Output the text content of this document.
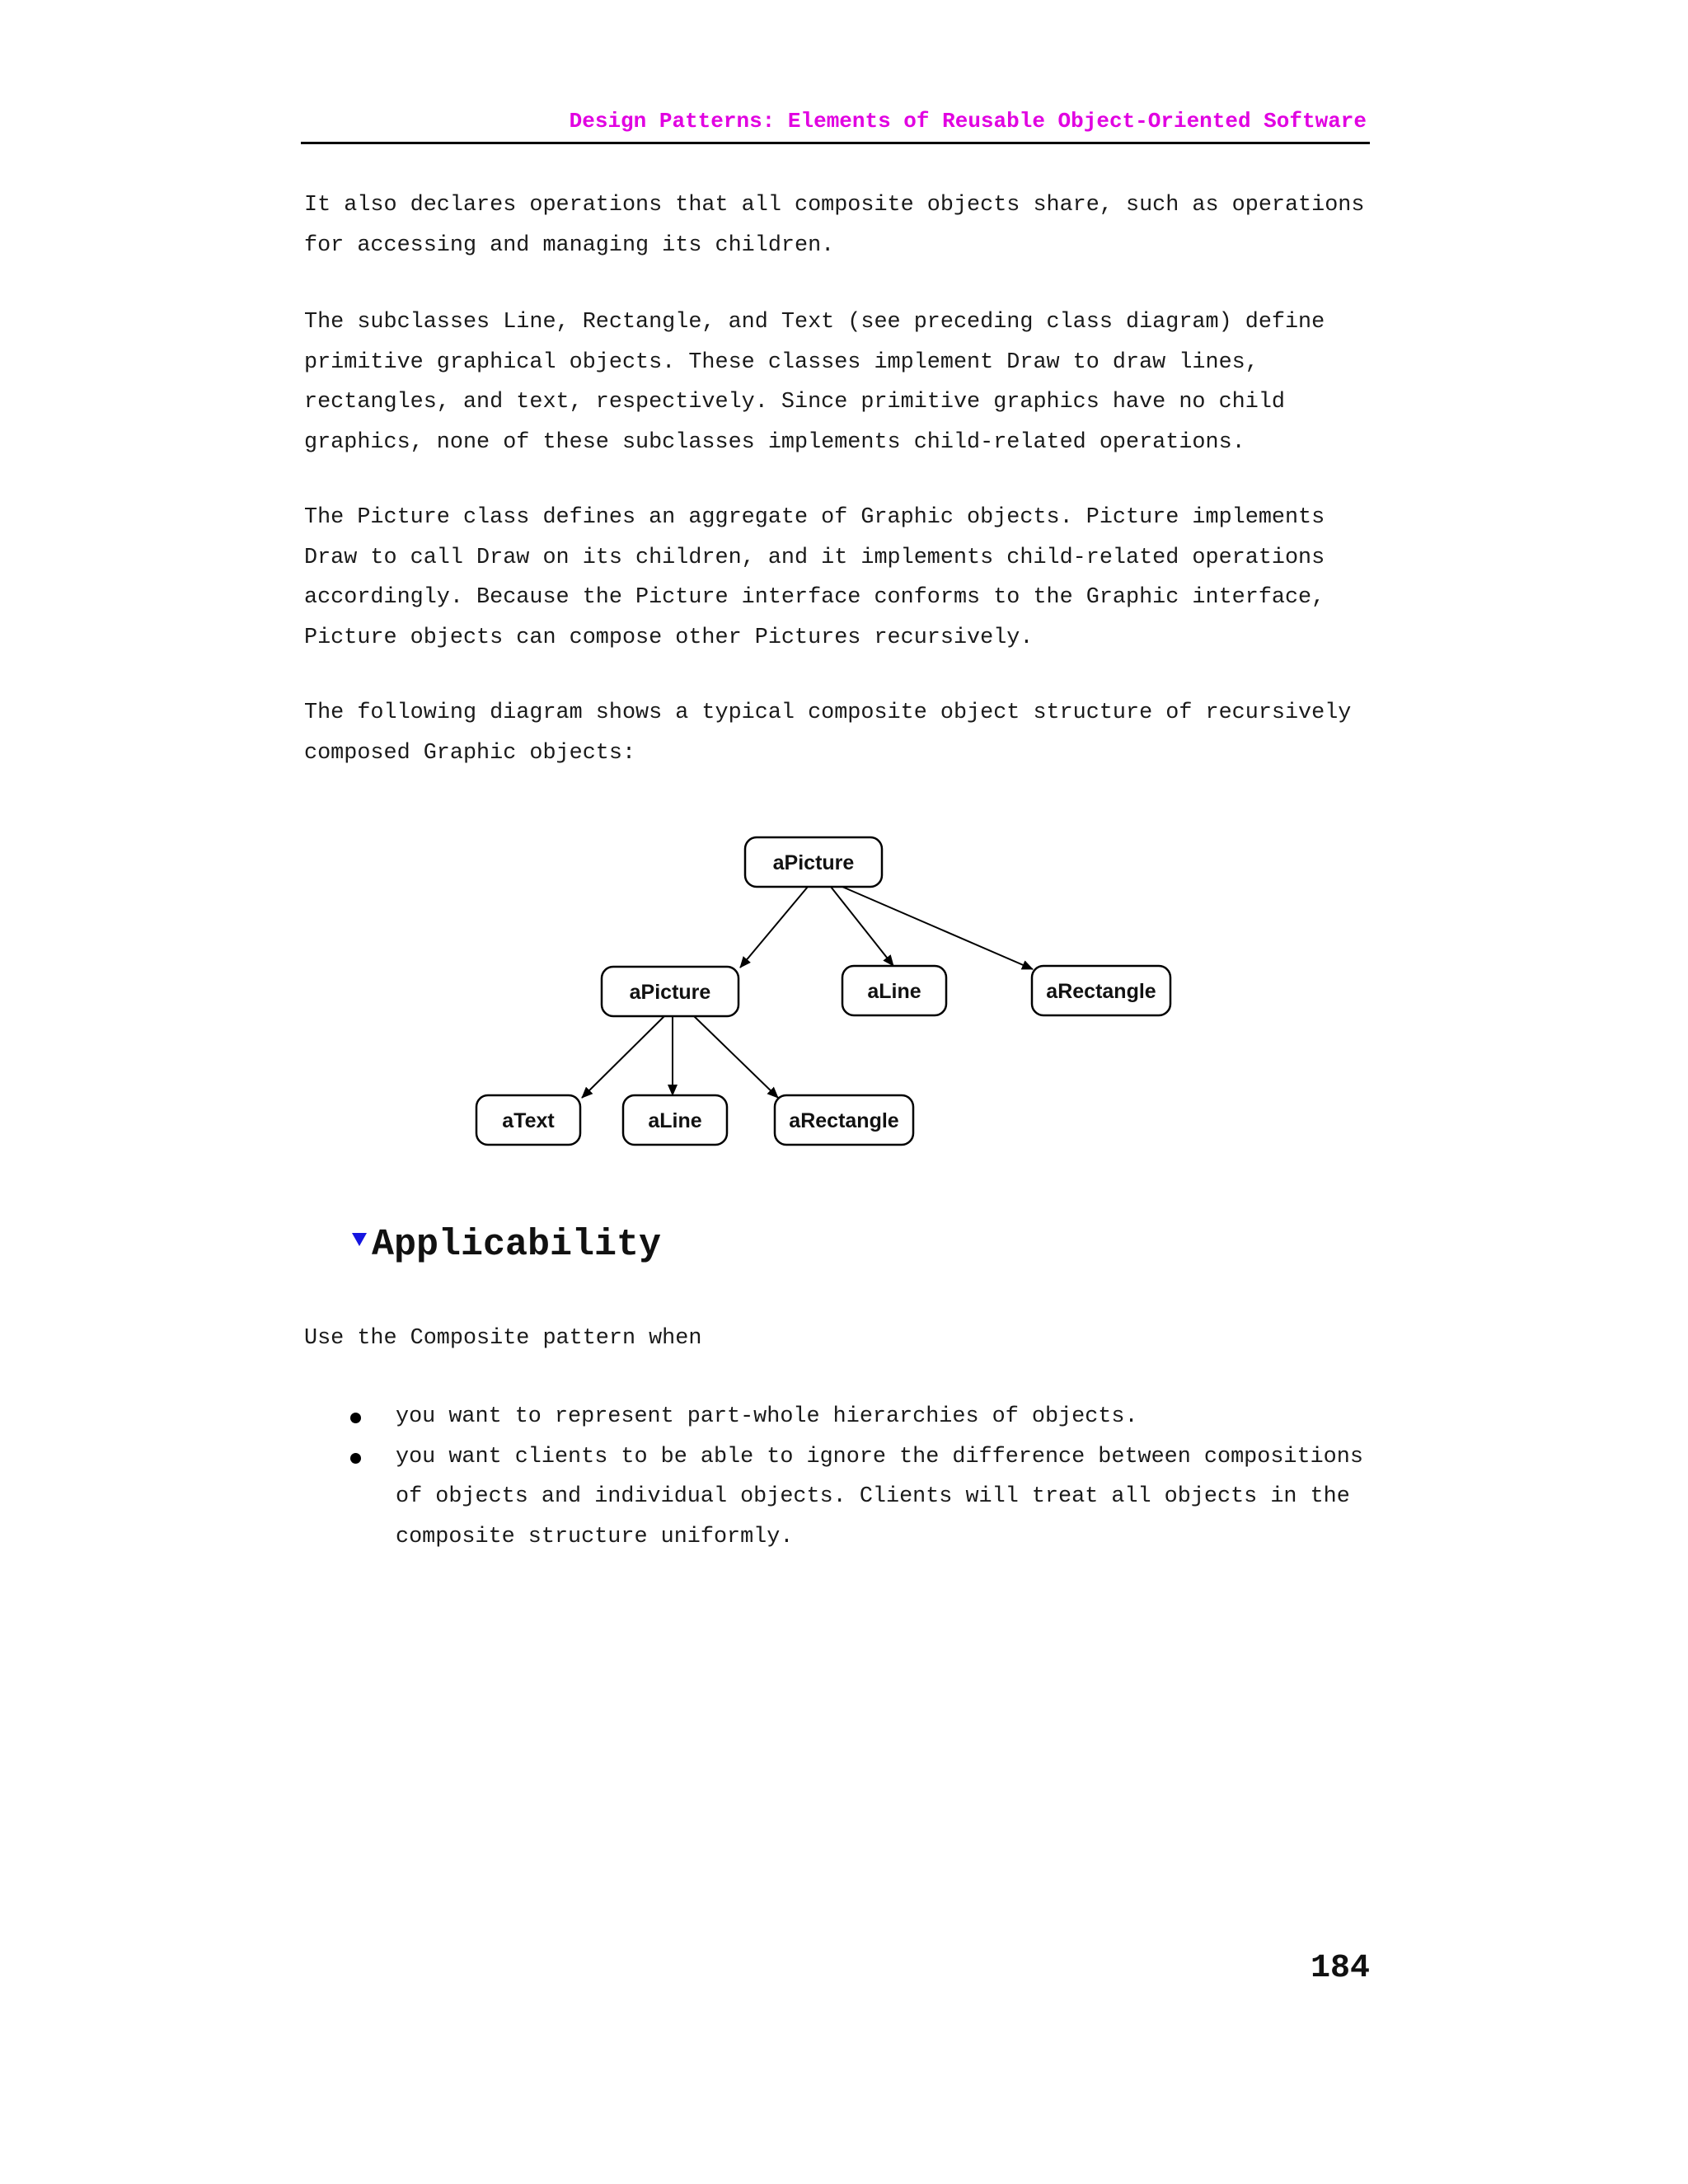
Design Patterns: Elements of Reusable Object-Oriented Software

It also declares operations that all composite objects share, such as operations
for accessing and managing its children.

The subclasses Line, Rectangle, and Text (see preceding class diagram) define
primitive graphical objects. These classes implement Draw to draw lines,
rectangles, and text, respectively. Since primitive graphics have no child
graphics, none of these subclasses implements child-related operations.

The Picture class defines an aggregate of Graphic objects. Picture implements
Draw to call Draw on its children, and it implements child-related operations
accordingly. Because the Picture interface conforms to the Graphic interface,
Picture objects can compose other Pictures recursively.

The following diagram shows a typical composite object structure of recursively
composed Graphic objects:

aPicture
aPicture	aLine	aRectangle
aText	aLine	aRectangle
Applicability

Use the Composite pattern when

you want to represent part-whole hierarchies of objects.

you want clients to be able to ignore the difference between compositions
of objects and individual objects. Clients will treat all objects in the
composite structure uniformly.

184
